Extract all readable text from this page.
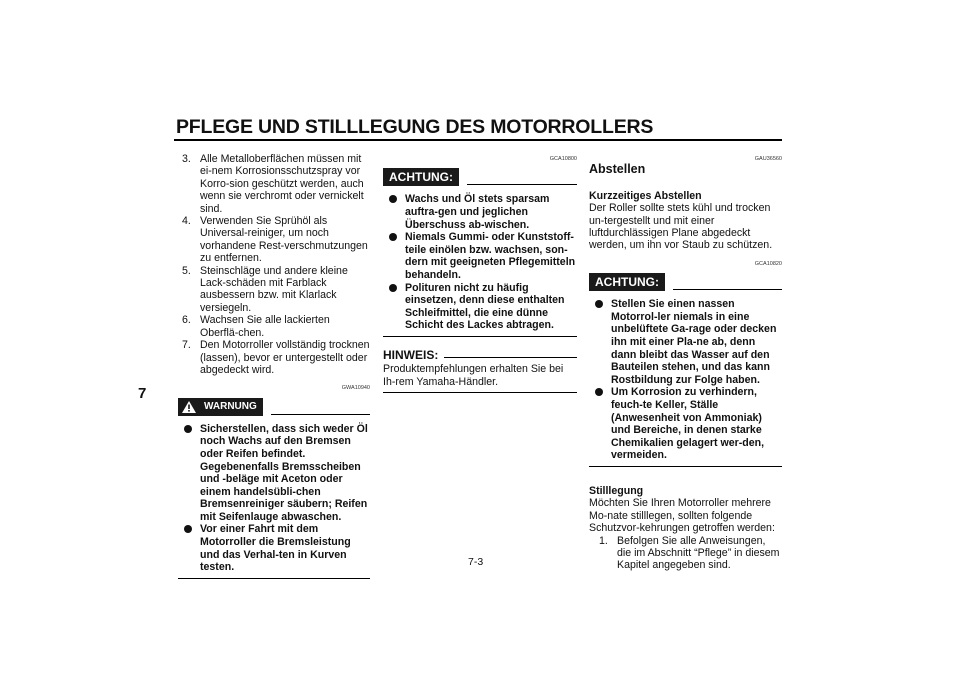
PFLEGE UND STILLLEGUNG DES MOTORROLLERS
7
3. Alle Metalloberflächen müssen mit ei-nem Korrosionsschutzspray vor Korro-sion geschützt werden, auch wenn sie verchromt oder vernickelt sind.
4. Verwenden Sie Sprühöl als Universal-reiniger, um noch vorhandene Rest-verschmutzungen zu entfernen.
5. Steinschläge und andere kleine Lack-schäden mit Farblack ausbessern bzw. mit Klarlack versiegeln.
6. Wachsen Sie alle lackierten Oberflä-chen.
7. Den Motorroller vollständig trocknen (lassen), bevor er untergestellt oder abgedeckt wird.
GWA10940
WARNUNG
Sicherstellen, dass sich weder Öl noch Wachs auf den Bremsen oder Reifen befindet. Gegebenenfalls Bremsscheiben und -beläge mit Aceton oder einem handelsübli-chen Bremsenreiniger säubern; Reifen mit Seifenlauge abwaschen.
Vor einer Fahrt mit dem Motorroller die Bremsleistung und das Verhal-ten in Kurven testen.
GCA10800
ACHTUNG:
Wachs und Öl stets sparsam auftra-gen und jeglichen Überschuss ab-wischen.
Niemals Gummi- oder Kunststoff-teile einölen bzw. wachsen, son-dern mit geeigneten Pflegemitteln behandeln.
Polituren nicht zu häufig einsetzen, denn diese enthalten Schleifmittel, die eine dünne Schicht des Lackes abtragen.
HINWEIS:
Produktempfehlungen erhalten Sie bei Ih-rem Yamaha-Händler.
GAU36560
Abstellen
Kurzzeitiges Abstellen
Der Roller sollte stets kühl und trocken un-tergestellt und mit einer luftdurchlässigen Plane abgedeckt werden, um ihn vor Staub zu schützen.
GCA10820
ACHTUNG:
Stellen Sie einen nassen Motorrol-ler niemals in eine unbelüftete Ga-rage oder decken ihn mit einer Pla-ne ab, denn dann bleibt das Wasser auf den Bauteilen stehen, und das kann Rostbildung zur Folge haben.
Um Korrosion zu verhindern, feuch-te Keller, Ställe (Anwesenheit von Ammoniak) und Bereiche, in denen starke Chemikalien gelagert wer-den, vermeiden.
Stilllegung
Möchten Sie Ihren Motorroller mehrere Mo-nate stilllegen, sollten folgende Schutzvor-kehrungen getroffen werden:
1. Befolgen Sie alle Anweisungen, die im Abschnitt “Pflege” in diesem Kapitel angegeben sind.
7-3
